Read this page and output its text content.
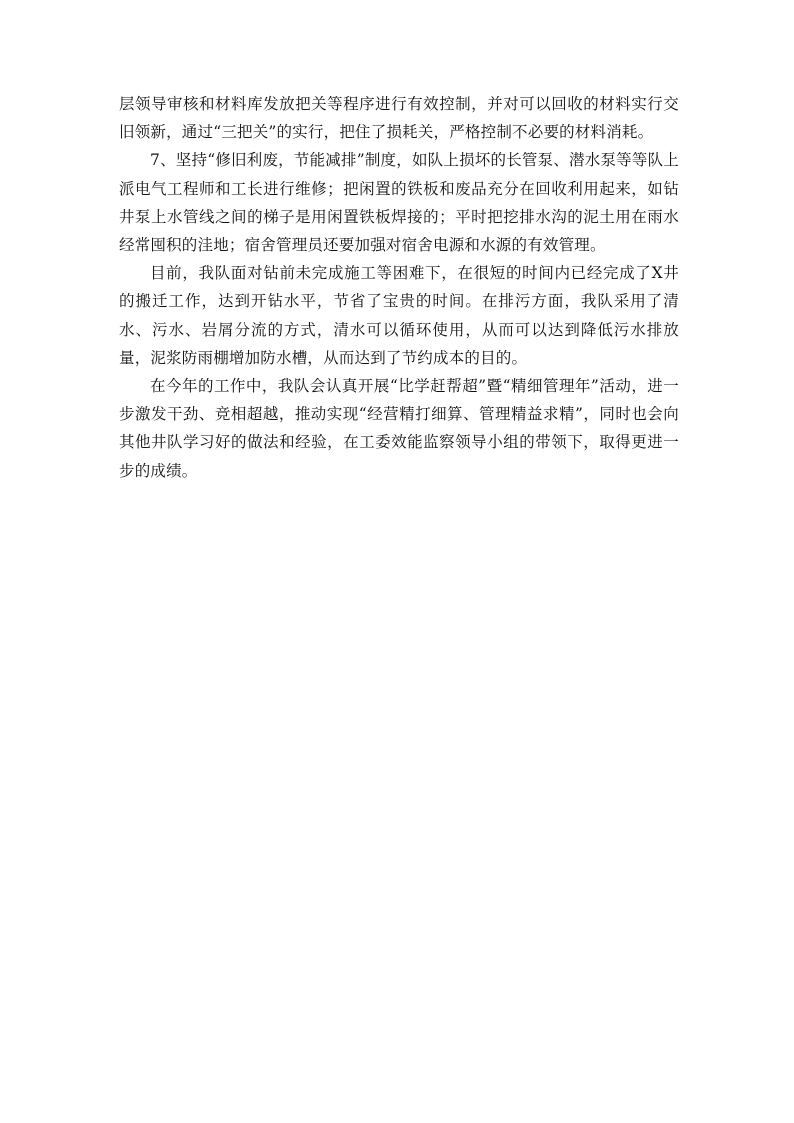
层领导审核和材料库发放把关等程序进行有效控制，并对可以回收的材料实行交旧领新，通过“三把关”的实行，把住了损耗关，严格控制不必要的材料消耗。

7、坚持“修旧利废，节能减排”制度，如队上损坏的长管泵、潜水泵等等队上派电气工程师和工长进行维修；把闲置的铁板和废品充分在回收利用起来，如钻井泵上水管线之间的梯子是用闲置铁板焊接的；平时把挖排水沟的泥土用在雨水经常囤积的洼地；宿舍管理员还要加强对宿舍电源和水源的有效管理。

目前，我队面对钻前未完成施工等困难下，在很短的时间内已经完成了X井的搬迁工作，达到开钻水平，节省了宝贵的时间。在排污方面，我队采用了清水、污水、岩屑分流的方式，清水可以循环使用，从而可以达到降低污水排放量，泥浆防雨棚增加防水槽，从而达到了节约成本的目的。

在今年的工作中，我队会认真开展“比学赶帮超”暨“精细管理年”活动，进一步激发干劲、竞相超越，推动实现“经营精打细算、管理精益求精”，同时也会向其他井队学习好的做法和经验，在工委效能监察领导小组的带领下，取得更进一步的成绩。
